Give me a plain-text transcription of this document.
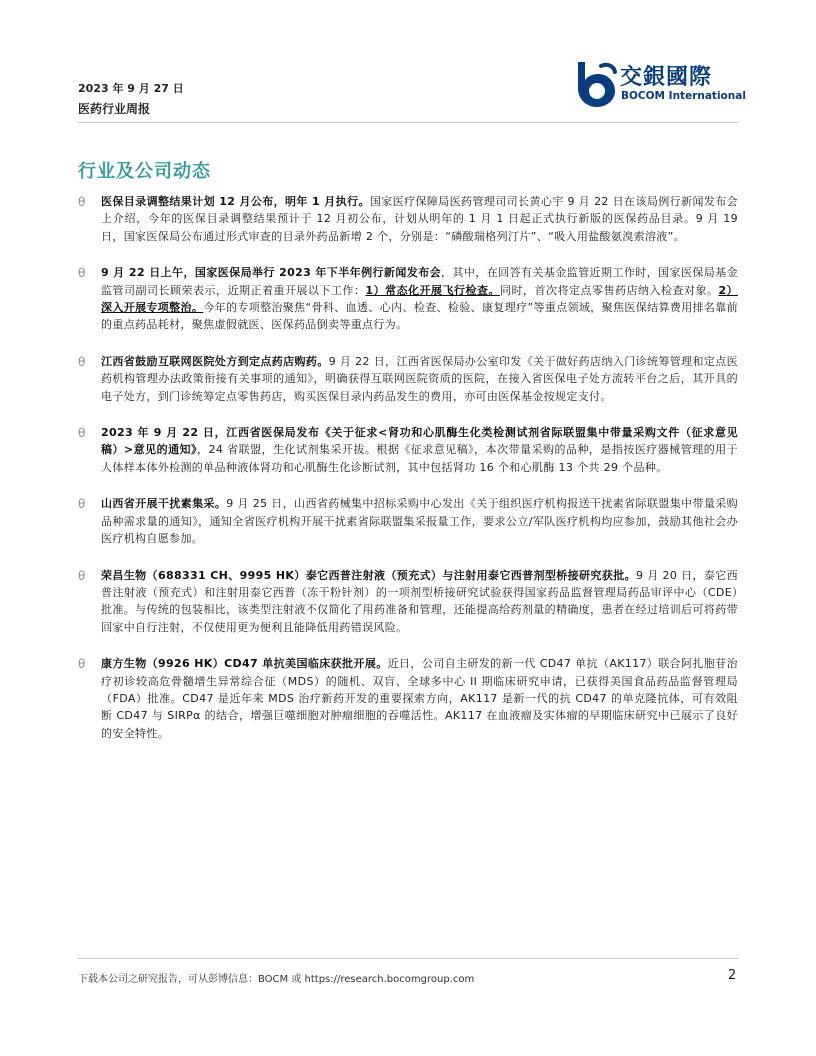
2023 年 9 月 27 日
医药行业周报
交銀國際
BOCOM International
行业及公司动态
θ 医保目录调整结果计划 12 月公布，明年 1 月执行。国家医疗保障局医药管理司司长黄心宇 9 月 22 日在该局例行新闻发布会上介绍，今年的医保目录调整结果预计于 12 月初公布，计划从明年的 1 月 1 日起正式执行新版的医保药品目录。9 月 19 日，国家医保局公布通过形式审查的目录外药品新增 2 个，分别是：“磷酸瑞格列汀片”、“吸入用盐酸氨溴索溶液”。

θ 9 月 22 日上午，国家医保局举行 2023 年下半年例行新闻发布会，其中，在回答有关基金监管近期工作时，国家医保局基金监管司副司长顾荣表示，近期正着重开展以下工作：1）常态化开展飞行检查。同时，首次将定点零售药店纳入检查对象。2）深入开展专项整治。今年的专项整治聚焦“骨科、血透、心内、检查、检验、康复理疗”等重点领域，聚焦医保结算费用排名靠前的重点药品耗材，聚焦虚假就医、医保药品倒卖等重点行为。

θ 江西省鼓励互联网医院处方到定点药店购药。9 月 22 日，江西省医保局办公室印发《关于做好药店纳入门诊统筹管理和定点医药机构管理办法政策衔接有关事项的通知》，明确获得互联网医院资质的医院，在接入省医保电子处方流转平台之后，其开具的电子处方，到门诊统筹定点零售药店，购买医保目录内药品发生的费用，亦可由医保基金按规定支付。

θ 2023 年 9 月 22 日，江西省医保局发布《关于征求<肾功和心肌酶生化类检测试剂省际联盟集中带量采购文件（征求意见稿）>意见的通知》，24 省联盟，生化试剂集采开拔。根据《征求意见稿》，本次带量采购的品种，是指按医疗器械管理的用于人体样本体外检测的单品种液体肾功和心肌酶生化诊断试剂，其中包括肾功 16 个和心肌酶 13 个共 29 个品种。

θ 山西省开展干扰素集采。9 月 25 日，山西省药械集中招标采购中心发出《关于组织医疗机构报送干扰素省际联盟集中带量采购品种需求量的通知》，通知全省医疗机构开展干扰素省际联盟集采报量工作，要求公立/军队医疗机构均应参加，鼓励其他社会办医疗机构自愿参加。

θ 荣昌生物（688331 CH、9995 HK）泰它西普注射液（预充式）与注射用泰它西普剂型桥接研究获批。9 月 20 日，泰它西普注射液（预充式）和注射用泰它西普（冻干粉针剂）的一项剂型桥接研究试验获得国家药品监督管理局药品审评中心（CDE）批准。与传统的包装相比，该类型注射液不仅简化了用药准备和管理，还能提高给药剂量的精确度，患者在经过培训后可将药带回家中自行注射，不仅使用更为便利且能降低用药错误风险。

θ 康方生物（9926 HK）CD47 单抗美国临床获批开展。近日，公司自主研发的新一代 CD47 单抗（AK117）联合阿扎胞苷治疗初诊较高危骨髓增生异常综合征（MDS）的随机、双盲、全球多中心 II 期临床研究申请，已获得美国食品药品监督管理局（FDA）批准。CD47 是近年来 MDS 治疗新药开发的重要探索方向，AK117 是新一代的抗 CD47 的单克隆抗体，可有效阻断 CD47 与 SIRPα 的结合，增强巨噬细胞对肿瘤细胞的吞噬活性。AK117 在血液瘤及实体瘤的早期临床研究中已展示了良好的安全特性。

下载本公司之研究报告，可从彭博信息：BOCM 或 https://research.bocomgroup.com	2
